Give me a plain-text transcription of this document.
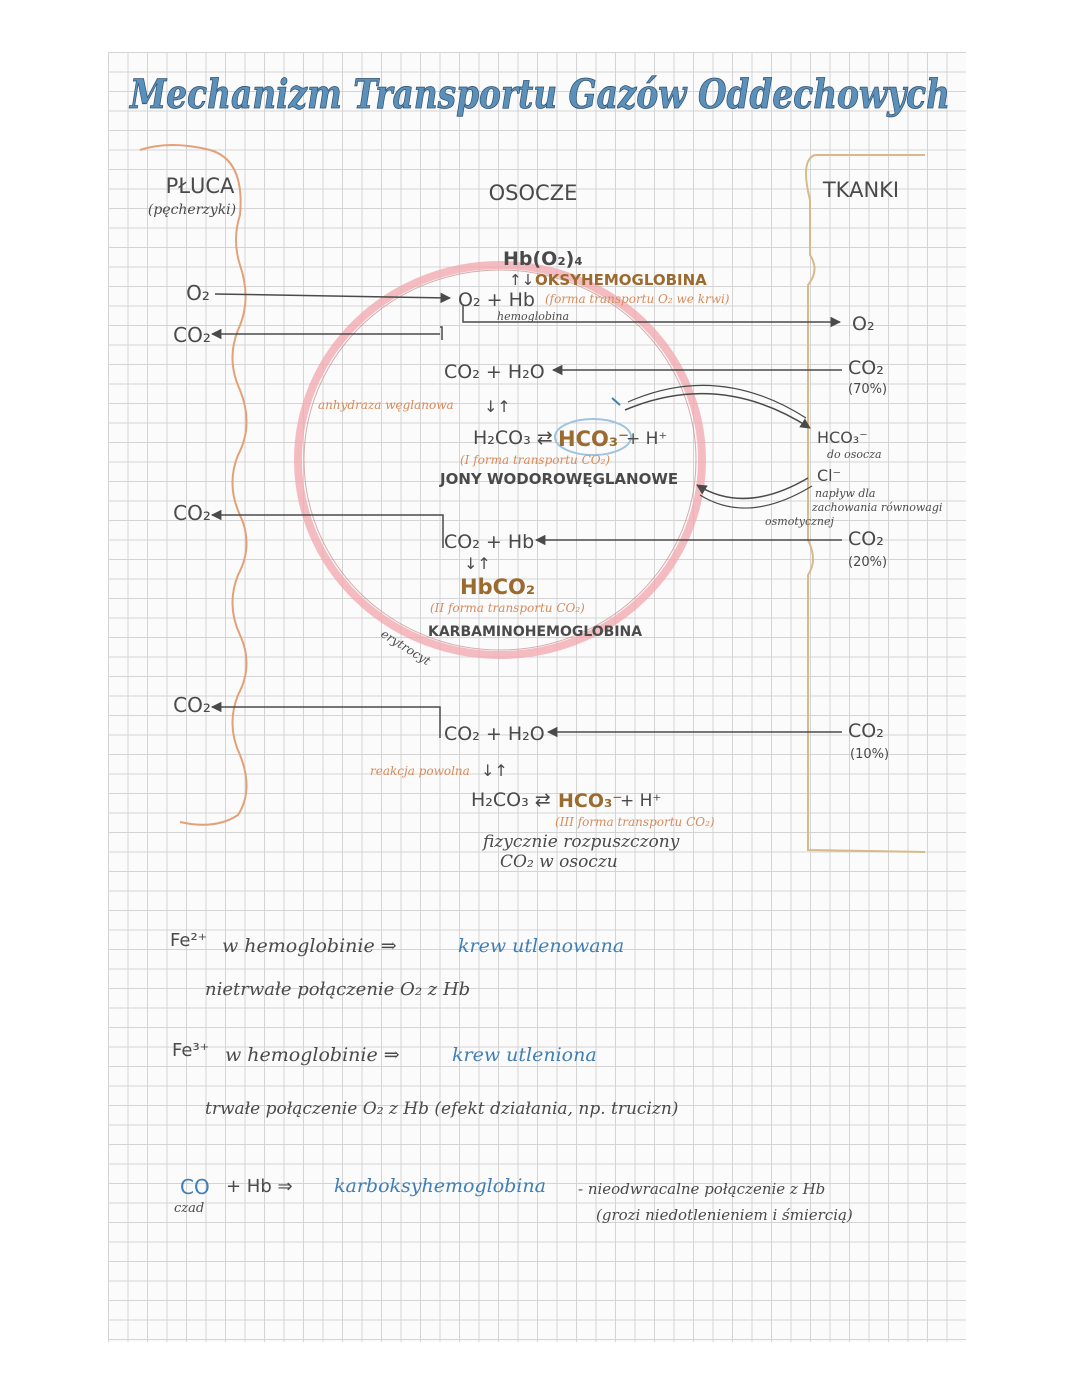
Mechanizm Transportu Gazów Oddechowych
PŁUCA
(pęcherzyki)
OSOCZE	TKANKI
O₂
CO₂
CO₂
CO₂
Hb(O₂)₄
↑↓ OKSYHEMOGLOBINA
O₂ + Hb (forma transportu O₂ we krwi)
hemoglobina
CO₂ + H₂O
anhydraza węglanowa ↓↑
H₂CO₃ ⇄ HCO₃⁻
+ H⁺
(I forma transportu CO₂)
JONY WODOROWĘGLANOWE
CO₂ + Hb
↓↑
HbCO₂
(II forma transportu CO₂)
KARBAMINOHEMOGLOBINA
erytrocyt
CO₂ + H₂O
reakcja powolna ↓↑
H₂CO₃ ⇄ HCO₃⁻
+ H⁺
(III forma transportu CO₂)
fizycznie rozpuszczony
CO₂ w osoczu
O₂
CO₂
(70%)
HCO₃⁻
do osocza
Cl⁻
napływ dla
zachowania równowagi
osmotycznej
CO₂
(20%)
CO₂
(10%)
Fe²⁺ w hemoglobinie ⇒	krew utlenowana
nietrwałe połączenie O₂ z Hb
Fe³⁺ w hemoglobinie ⇒	krew utleniona
trwałe połączenie O₂ z Hb (efekt działania, np. trucizn)
CO
czad
+ Hb ⇒ karboksyhemoglobina - nieodwracalne połączenie z Hb
(grozi niedotlenieniem i śmiercią)
